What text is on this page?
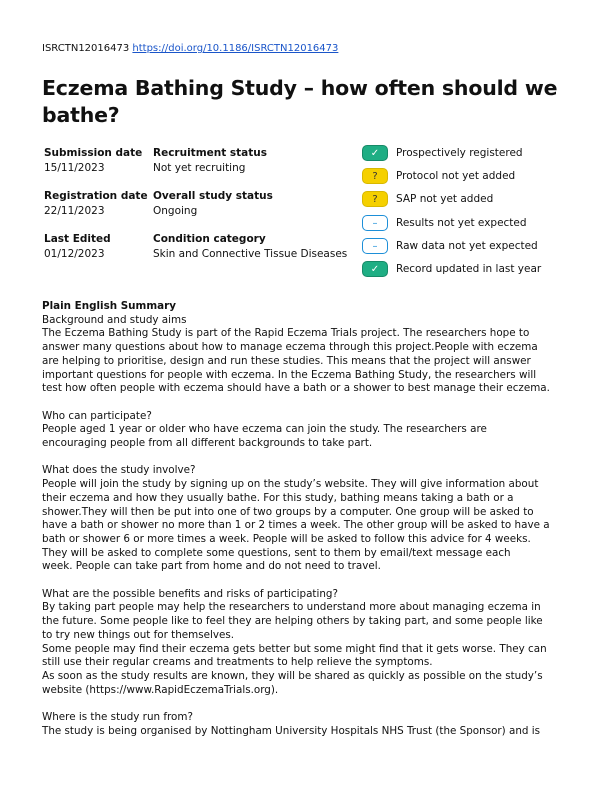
ISRCTN12016473 https://doi.org/10.1186/ISRCTN12016473
Eczema Bathing Study – how often should we bathe?
Submission date
15/11/2023
Recruitment status
Not yet recruiting
Registration date
22/11/2023
Overall study status
Ongoing
Last Edited
01/12/2023
Condition category
Skin and Connective Tissue Diseases
✓	Prospectively registered
?	Protocol not yet added
?	SAP not yet added
–	Results not yet expected
–	Raw data not yet expected
✓	Record updated in last year

Plain English Summary

Background and study aims

The Eczema Bathing Study is part of the Rapid Eczema Trials project. The researchers hope to

answer many questions about how to manage eczema through this project.People with eczema

are helping to prioritise, design and run these studies. This means that the project will answer

important questions for people with eczema. In the Eczema Bathing Study, the researchers will

test how often people with eczema should have a bath or a shower to best manage their eczema.

Who can participate?

People aged 1 year or older who have eczema can join the study. The researchers are

encouraging people from all different backgrounds to take part.

What does the study involve?

People will join the study by signing up on the study’s website. They will give information about

their eczema and how they usually bathe. For this study, bathing means taking a bath or a

shower.They will then be put into one of two groups by a computer. One group will be asked to

have a bath or shower no more than 1 or 2 times a week. The other group will be asked to have a

bath or shower 6 or more times a week. People will be asked to follow this advice for 4 weeks.

They will be asked to complete some questions, sent to them by email/text message each

week. People can take part from home and do not need to travel.

What are the possible benefits and risks of participating?

By taking part people may help the researchers to understand more about managing eczema in

the future. Some people like to feel they are helping others by taking part, and some people like

to try new things out for themselves.

Some people may find their eczema gets better but some might find that it gets worse. They can

still use their regular creams and treatments to help relieve the symptoms.

As soon as the study results are known, they will be shared as quickly as possible on the study’s

website (https://www.RapidEczemaTrials.org).

Where is the study run from?

The study is being organised by Nottingham University Hospitals NHS Trust (the Sponsor) and is
